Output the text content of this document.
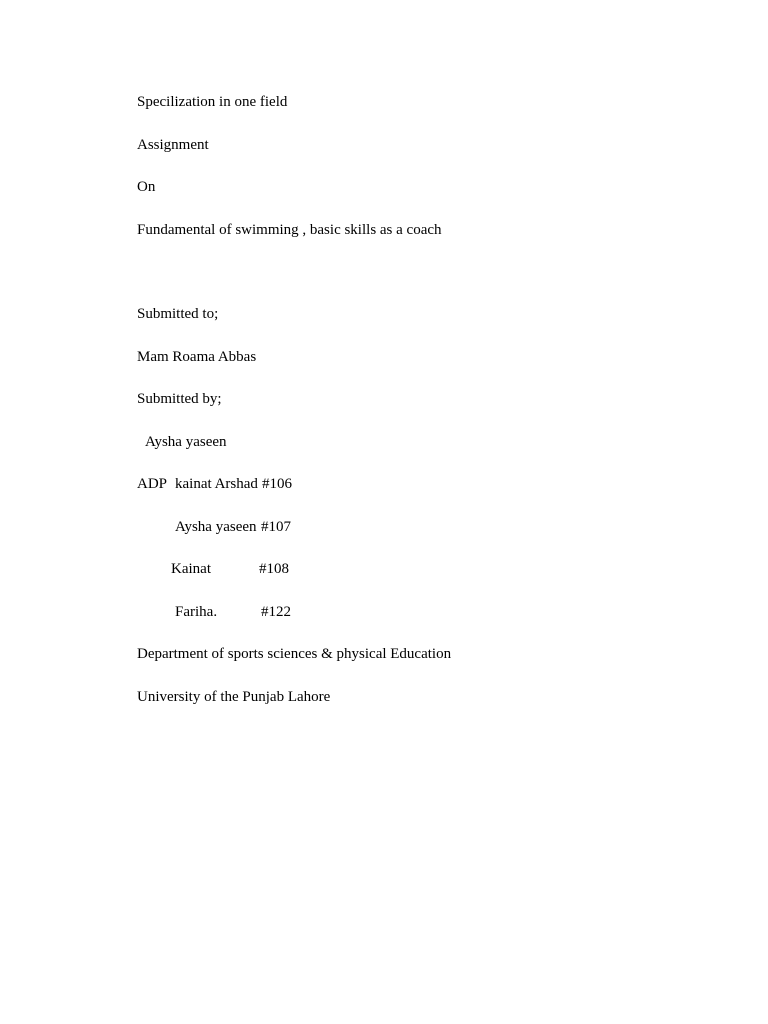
Specilization in one field
Assignment
On
Fundamental of swimming , basic skills as a coach
Submitted to;
Mam Roama Abbas
Submitted by;
Aysha yaseen
ADP kainat Arshad #106
Aysha yaseen #107
Kainat	#108
Fariha.	#122
Department of sports sciences & physical Education
University of the Punjab Lahore
